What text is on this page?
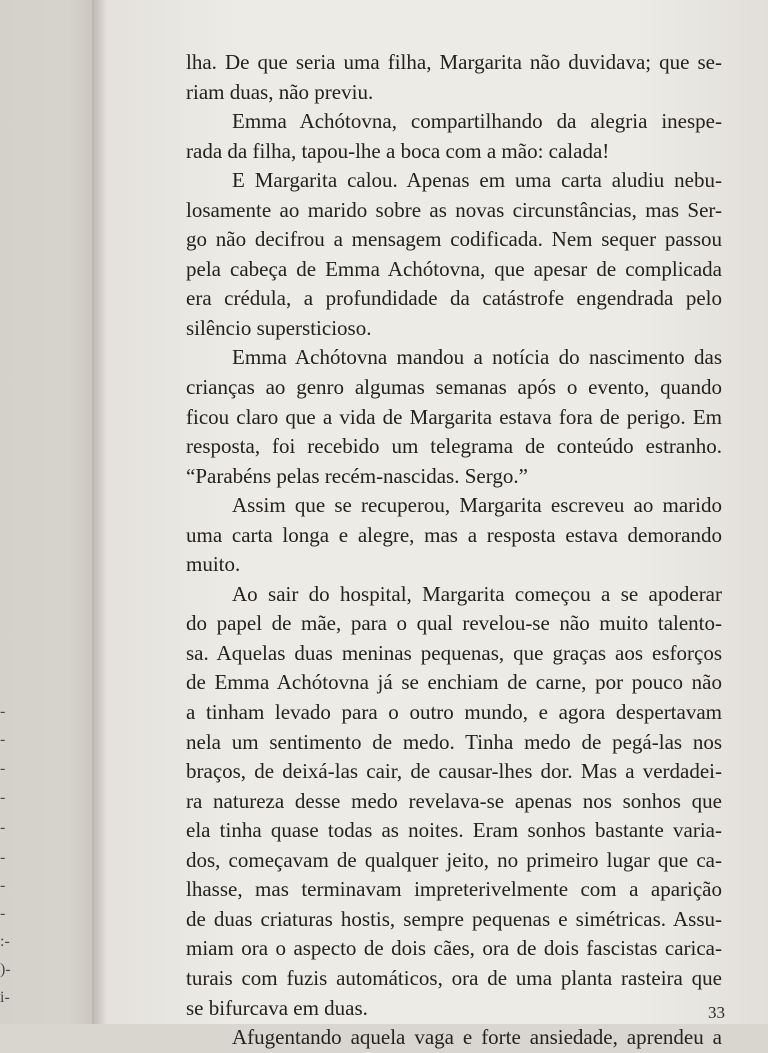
-
-
-
-
-
-
-
-
:-
)-
i-
lha. De que seria uma filha, Margarita não duvidava; que se-
riam duas, não previu.
Emma Achótovna, compartilhando da alegria inespe-
rada da filha, tapou-lhe a boca com a mão: calada!
E Margarita calou. Apenas em uma carta aludiu nebu-
losamente ao marido sobre as novas circunstâncias, mas Ser-
go não decifrou a mensagem codificada. Nem sequer passou
pela cabeça de Emma Achótovna, que apesar de complicada
era crédula, a profundidade da catástrofe engendrada pelo
silêncio supersticioso.
Emma Achótovna mandou a notícia do nascimento das
crianças ao genro algumas semanas após o evento, quando
ficou claro que a vida de Margarita estava fora de perigo. Em
resposta, foi recebido um telegrama de conteúdo estranho.
“Parabéns pelas recém-nascidas. Sergo.”
Assim que se recuperou, Margarita escreveu ao marido
uma carta longa e alegre, mas a resposta estava demorando
muito.
Ao sair do hospital, Margarita começou a se apoderar
do papel de mãe, para o qual revelou-se não muito talento-
sa. Aquelas duas meninas pequenas, que graças aos esforços
de Emma Achótovna já se enchiam de carne, por pouco não
a tinham levado para o outro mundo, e agora despertavam
nela um sentimento de medo. Tinha medo de pegá-las nos
braços, de deixá-las cair, de causar-lhes dor. Mas a verdadei-
ra natureza desse medo revelava-se apenas nos sonhos que
ela tinha quase todas as noites. Eram sonhos bastante varia-
dos, começavam de qualquer jeito, no primeiro lugar que ca-
lhasse, mas terminavam impreterivelmente com a aparição
de duas criaturas hostis, sempre pequenas e simétricas. Assu-
miam ora o aspecto de dois cães, ora de dois fascistas carica-
turais com fuzis automáticos, ora de uma planta rasteira que
se bifurcava em duas.
Afugentando aquela vaga e forte ansiedade, aprendeu a
33
